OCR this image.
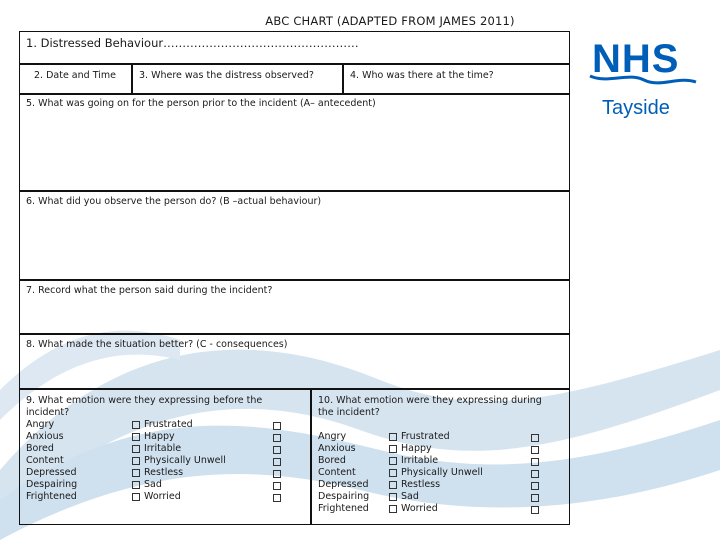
ABC CHART (ADAPTED FROM JAMES 2011)
NHS
Tayside
1. Distressed Behaviour……………………………………………
2. Date and Time 3. Where was the distress observed?	4. Who was there at the time?
5. What was going on for the person prior to the incident (A– antecedent)
6. What did you observe the person do? (B –actual behaviour)
7. Record what the person said during the incident?
8. What made the situation better? (C - consequences)
9. What emotion were they expressing before the
incident?
10. What emotion were they expressing during
the incident?
Angry
Anxious
Bored
Content
Depressed
Despairing
Frightened
Frustrated
Happy
Irritable
Physically Unwell
Restless
Sad
Worried
Angry
Anxious
Bored
Content
Depressed
Despairing
Frightened
Frustrated
Happy
Irritable
Physically Unwell
Restless
Sad
Worried
